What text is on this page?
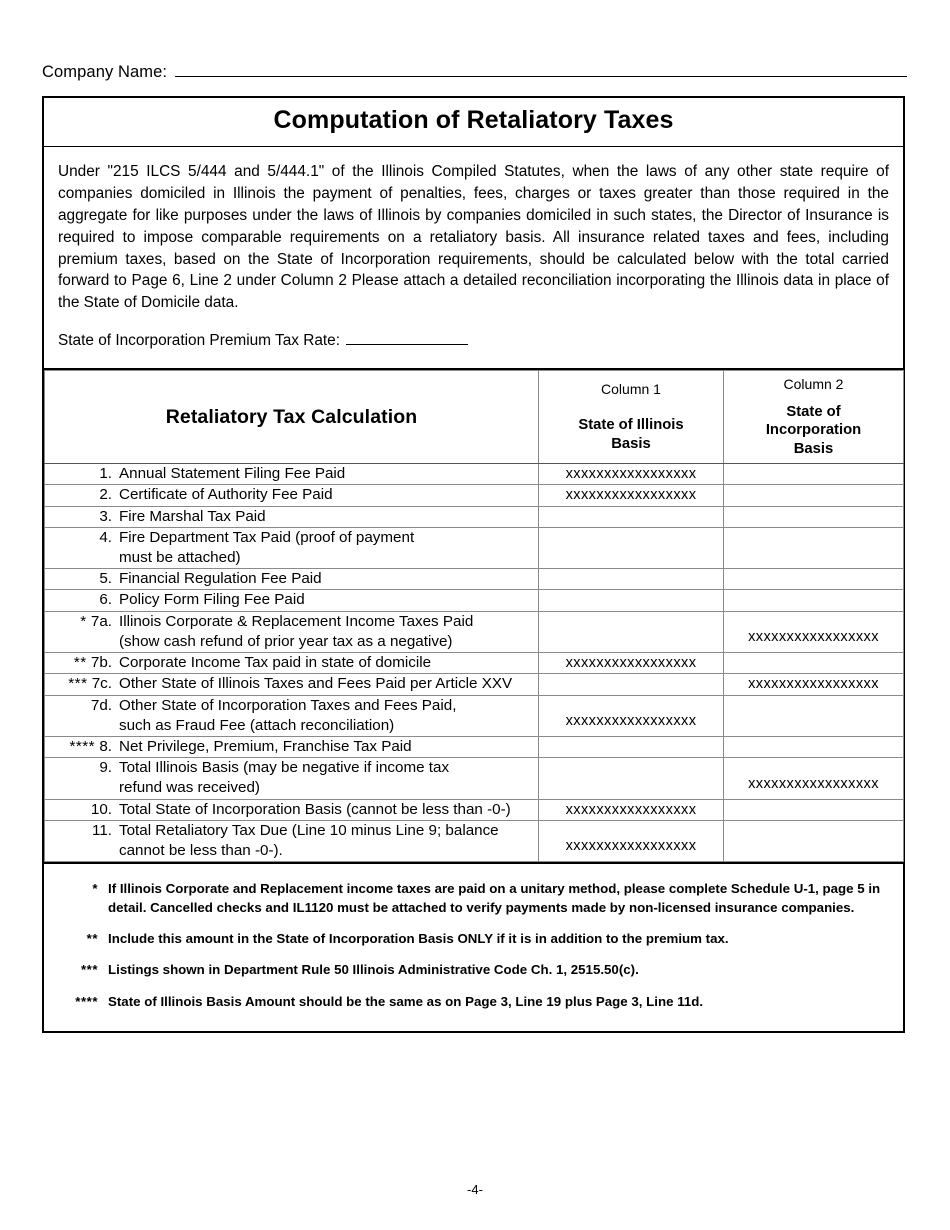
Company Name:
Computation of Retaliatory Taxes

Under "215 ILCS 5/444 and 5/444.1" of the Illinois Compiled Statutes, when the laws of any other state require of companies domiciled in Illinois the payment of penalties, fees, charges or taxes greater than those required in the aggregate for like purposes under the laws of Illinois by companies domiciled in such states, the Director of Insurance is required to impose comparable requirements on a retaliatory basis. All insurance related taxes and fees, including premium taxes, based on the State of Incorporation requirements, should be calculated below with the total carried forward to Page 6, Line 2 under Column 2 Please attach a detailed reconciliation incorporating the Illinois data in place of the State of Domicile data.

State of Incorporation Premium Tax Rate:
Retaliatory Tax Calculation	
Column 1
State of Illinois
Basis

Column 2
State of
Incorporation
Basis

1. Annual Statement Filing Fee Paid	xxxxxxxxxxxxxxxxx	

2. Certificate of Authority Fee Paid	xxxxxxxxxxxxxxxxx	

3. Fire Marshal Tax Paid		

4. Fire Department Tax Paid (proof of payment
must be attached)		

5. Financial Regulation Fee Paid		

6. Policy Form Filing Fee Paid		

* 7a. Illinois Corporate & Replacement Income Taxes Paid
(show cash refund of prior year tax as a negative)		xxxxxxxxxxxxxxxxx

** 7b. Corporate Income Tax paid in state of domicile	xxxxxxxxxxxxxxxxx	

*** 7c. Other State of Illinois Taxes and Fees Paid per Article XXV		xxxxxxxxxxxxxxxxx

7d. Other State of Incorporation Taxes and Fees Paid,
such as Fraud Fee (attach reconciliation)	xxxxxxxxxxxxxxxxx	

**** 8. Net Privilege, Premium, Franchise Tax Paid		

9. Total Illinois Basis (may be negative if income tax
refund was received)		xxxxxxxxxxxxxxxxx

10. Total State of Incorporation Basis (cannot be less than -0-)	xxxxxxxxxxxxxxxxx	

11. Total Retaliatory Tax Due (Line 10 minus Line 9; balance
cannot be less than -0-).	xxxxxxxxxxxxxxxxx	
* If Illinois Corporate and Replacement income taxes are paid on a unitary method, please complete Schedule U-1, page 5 in detail. Cancelled checks and IL1120 must be attached to verify payments made by non-licensed insurance companies.
** Include this amount in the State of Incorporation Basis ONLY if it is in addition to the premium tax.
*** Listings shown in Department Rule 50 Illinois Administrative Code Ch. 1, 2515.50(c).
**** State of Illinois Basis Amount should be the same as on Page 3, Line 19 plus Page 3, Line 11d.
-4-
